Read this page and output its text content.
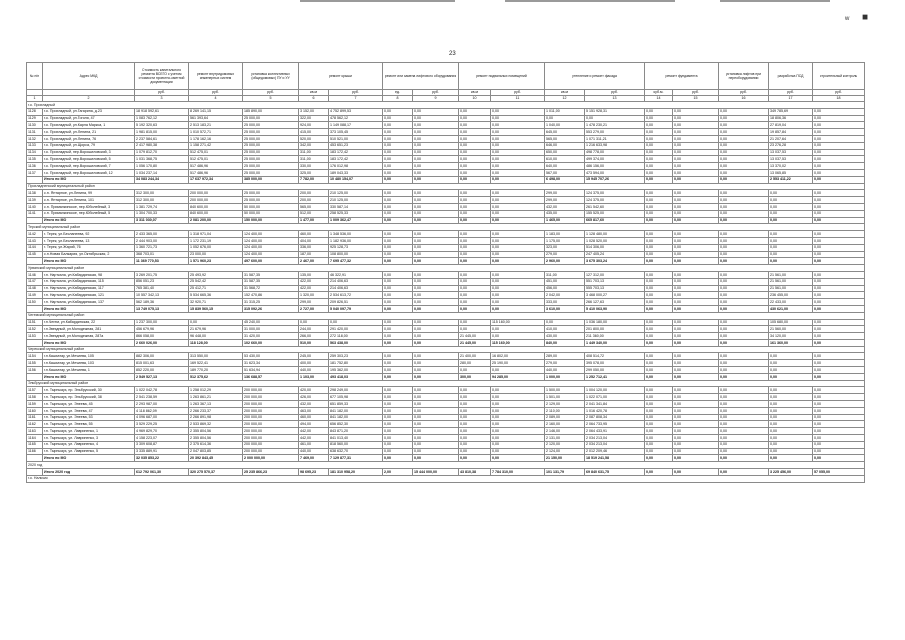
ʷ ■
23
№ п/п	Адрес МКД	Стоимость капитального ремонта ВСЕГО с учетом стоимости проектно-сметной документации	ремонт внутридомовых инженерных систем	установка коллективных (общедомовых) ПУ и УУ	ремонт крыши		ремонт или замена лифтового оборудования		ремонт подвальных помещений		утепление и ремонт фасада		ремонт фундамента		установка лифтов при переоборудовании	разработка ПСД	строительный контроль
		руб.	руб.	руб.	кв.м	руб.	ед.	руб.	кв.м	руб.	кв.м	руб.	куб.м.	руб.	руб.	руб.	руб.
1	2	3	4	5	6	7	8	9	10	11	12	13	14	15	16	17	18
г.о. Прохладный																	
1128	г.о. Прохладный, ул.Гагарина, д.23	18 918 592,61	8 269 141,15	185 890,00	3 152,00	4 752 899,53	0,00	0,00	0,00	0,00	1 011,00	5 151 928,31	0,00	0,00	0,00	349 785,69	0,00
1129	г.о. Прохладный, ул.Гоголя, 47	1 083 762,12	561 393,64	25 000,00	322,00	478 562,12	0,00	0,00	0,00	0,00	0,00	0,00	0,00	0,00	0,00	18 806,36	0,00
1130	г.о. Прохладный, ул.Карла Маркса, 1	5 192 320,63	2 513 183,21	25 000,00	924,00	1 149 088,17	0,00	0,00	0,00	0,00	1 040,00	1 478 230,21	0,00	0,00	0,00	27 819,04	0,00
1131	г.о. Прохладный, ул.Ленина, 21	1 981 815,00	1 010 572,71	25 000,00	415,00	373 105,45	0,00	0,00	0,00	0,00	645,00	553 279,00	0,00	0,00	0,00	19 857,84	0,00
1132	г.о. Прохладный, ул.Ленина, 76	2 237 584,61	1 178 162,16	25 000,00	520,00	510 521,00	0,00	0,00	0,00	0,00	565,00	1 071 311,21	0,00	0,00	0,00	21 207,64	0,00
1133	г.о. Прохладный, ул.Щорса, 79	2 417 980,38	1 158 271,42	25 000,00	342,00	453 651,23	0,00	0,00	0,00	0,00	646,00	1 216 633,98	0,00	0,00	0,00	23 276,28	0,00
1134	г.о. Прохладный, пер.Ворошиловский, 3	1 079 812,70	512 475,01	25 000,00	311,00	183 172,42	0,00	0,00	0,00	0,00	650,00	498 778,00	0,00	0,00	0,00	13 037,53	0,00
1135	г.о. Прохладный, пер.Ворошиловский, 5	1 031 368,75	512 475,01	25 000,00	311,00	183 172,42	0,00	0,00	0,00	0,00	610,00	499 374,00	0,00	0,00	0,00	13 037,53	0,00
1136	г.о. Прохладный, пер.Ворошиловский, 7	1 056 170,80	517 486,96	25 000,00	330,00	176 012,98	0,00	0,00	0,00	0,00	640,00	486 156,00	0,00	0,00	0,00	13 370,02	0,00
1137	г.о. Прохладный, пер.Ворошиловский, 12	1 034 237,14	517 486,96	25 000,00	325,00	189 043,33	0,00	0,00	0,00	0,00	567,00	473 594,00	0,00	0,00	0,00	13 065,85	0,00
	Итого по МО	34 083 244,34	17 637 972,34	385 000,00	7 782,00	10 480 154,07	0,00	0,00	0,00	0,00	6 498,00	15 945 707,26	0,00	0,00	0,00	2 553 411,22	0,00
Прохладненский муниципальный район																	
1138	с.п. Янтарное, ул.Ленина, 99	312 300,00	200 000,00	25 000,00	200,00	210 125,00	0,00	0,00	0,00	0,00	299,00	124 375,00	0,00	0,00	0,00	0,00	0,00
1139	с.п. Янтарное, ул.Ленина, 101	312 300,00	200 000,00	25 000,00	200,00	210 125,00	0,00	0,00	0,00	0,00	299,00	124 375,00	0,00	0,00	0,00	0,00	0,00
1140	с.п. Прималкинское, пер.Юбилейный, 3	1 381 729,74	840 600,00	50 000,00	565,00	330 587,14	0,00	0,00	0,00	0,00	432,00	261 542,60	0,00	0,00	0,00	0,00	0,00
1141	с.п. Прималкинское, пер.Юбилейный, 5	1 304 700,33	840 600,00	50 000,00	512,00	258 525,33	0,00	0,00	0,00	0,00	435,00	155 525,00	0,00	0,00	0,00	0,00	0,00
	Итого по МО	3 311 030,07	2 081 200,00	150 000,00	1 477,00	1 009 362,47	0,00	0,00	0,00	0,00	1 465,00	665 817,60	0,00	0,00	0,00	0,00	0,00
Терский муниципальный район																	
1142	г. Терек, ул.Бесланеева, 92	2 433 365,00	1 318 971,04	124 400,00	460,00	1 348 536,00	0,00	0,00	0,00	0,00	1 183,00	1 128 480,00	0,00	0,00	0,00	0,00	0,00
1143	г. Терек, ул.Бесланеева, 13	2 444 903,00	1 172 231,19	124 400,00	404,00	1 182 936,00	0,00	0,00	0,00	0,00	1 175,00	1 028 520,00	0,00	0,00	0,00	0,00	0,00
1144	г. Терек, ул.Жарий, 76	1 360 721,73	1 052 676,00	124 400,00	336,00	925 128,73	0,00	0,00	0,00	0,00	323,00	514 306,00	0,00	0,00	0,00	0,00	0,00
1145	с.п.Новая Балкария, ул.Октябрьская, 2	368 703,01	23 000,00	124 400,00	187,00	108 800,00	0,00	0,00	0,00	0,00	279,00	247 405,24	0,00	0,00	0,00	0,00	0,00
	Итого по МО	11 369 770,53	1 571 960,23	497 600,00	2 467,00	7 695 477,32	0,00	0,00	0,00	0,00	2 960,00	3 675 303,24	0,00	0,00	0,00	0,00	0,00
Урванский муниципальный район																	
1146	г.п. Нарткала, ул.Кабардинская, 98	3 269 201,75	25 493,92	31 587,35	135,00	46 322,91	0,00	0,00	0,00	0,00	311,00	127 312,00	0,00	0,00	0,00	21 561,00	0,00
1147	г.п. Нарткала, ул.Кабардинская, 115	856 051,23	25 542,42	31 587,35	422,00	214 406,63	0,00	0,00	0,00	0,00	451,00	551 703,13	0,00	0,00	0,00	21 561,00	0,00
1148	г.п. Нарткала, ул.Кабардинская, 117	765 381,40	25 412,71	31 568,72	422,00	214 406,63	0,00	0,00	0,00	0,00	456,00	555 703,13	0,00	0,00	0,00	21 561,00	0,00
1149	г.п. Нарткала, ул.Кабардинская, 121	10 557 342,13	5 534 665,36	152 470,86	1 320,00	2 534 613,72	0,00	0,00	0,00	0,00	2 042,00	3 468 000,27	0,00	0,00	0,00	236 455,00	0,00
1150	г.п. Нарткала, ул.Кабардинская, 137	562 189,36	32 920,71	31 315,25	299,00	209 826,51	0,00	0,00	0,00	0,00	333,00	266 127,63	0,00	0,00	0,00	22 433,00	0,00
	Итого по МО	13 749 075,13	15 839 560,15	315 092,26	2 727,00	5 040 097,79	0,00	0,00	0,00	0,00	3 610,00	5 410 063,90	0,00	0,00	0,00	430 621,00	0,00
Чегемский муниципальный район																	
1151	г.п.Чегем, ул.Кабардинская, 22	1 237 300,00	0,00	45 240,00	0,00	0,00	0,00	0,00	0,00	115 160,00	0,00	1 036 180,00	0,00	0,00	0,00	105 680,00	0,00
1152	г.п.Звездный, ул.Молодежная, 281	456 679,96	21 679,96	31 000,00	244,00	291 420,00	0,00	0,00	0,00	0,00	410,00	201 800,00	0,00	0,00	0,00	21 560,00	0,00
1153	г.п.Звездный, ул.Молодежная, 287а	866 058,00	96 448,00	31 420,00	266,00	272 118,00	0,00	0,00	21 445,00	0,00	430,00	211 360,00	0,00	0,00	0,00	34 120,00	0,00
	Итого по МО	2 660 026,00	118 128,00	102 660,00	510,00	563 438,00	0,00	0,00	21 445,00	115 160,00	840,00	1 449 340,00	0,00	0,00	0,00	161 360,00	0,00
Черекский муниципальный район																	
1154	г.п.Кашхатау, ул.Мечиева, 105	882 306,00	313 550,00	53 430,00	245,00	259 303,23	0,00	0,00	21 400,00	16 802,00	289,00	408 514,72	0,00	0,00	0,00	0,00	0,00
1155	г.п.Кашхатау, ул.Мечиева, 103	815 001,63	169 522,41	31 623,34	400,00	181 752,80	0,00	0,00	280,00	25 190,00	279,00	395 078,00	0,00	0,00	0,00	0,00	0,00
1156	г.п.Кашхатау, ул.Мечиева, 1	852 220,00	189 770,20	51 634,94	440,00	195 362,00	0,00	0,00	0,00	0,00	440,00	299 050,00	0,00	0,00	0,00	0,00	0,00
	Итого по МО	2 549 527,13	512 375,62	136 688,57	1 103,00	493 418,03	0,00	0,00	300,00	94 285,00	1 000,00	1 252 712,41	0,00	0,00	0,00	0,00	0,00
Эльбрусский муниципальный район																	
1157	г.п. Тырныауз, пр. Эльбрусский, 30	1 022 042,78	1 258 012,29	200 000,00	420,00	298 249,00	0,00	0,00	0,00	0,00	1 500,00	1 004 120,00	0,00	0,00	0,00	0,00	0,00
1158	г.п. Тырныауз, пр. Эльбрусский, 38	2 541 238,59	1 263 861,21	200 000,00	426,00	677 105,98	0,00	0,00	0,00	0,00	1 501,00	1 022 071,00	0,00	0,00	0,00	0,00	0,00
1159	г.п. Тырныауз, ул. Энеева, 45	2 293 987,00	1 263 367,13	200 000,00	432,00	651 859,33	0,00	0,00	0,00	0,00	2 129,00	2 041 341,84	0,00	0,00	0,00	0,00	0,00
1160	г.п. Тырныауз, ул. Энеева, 47	4 118 862,09	2 266 233,37	200 000,00	463,00	841 182,00	0,00	0,00	0,00	0,00	2 110,00	1 016 420,78	0,00	0,00	0,00	0,00	0,00
1161	г.п. Тырныауз, ул. Энеева, 53	4 096 687,00	2 266 891,98	200 000,00	460,00	841 182,00	0,00	0,00	0,00	0,00	2 089,00	2 087 808,34	0,00	0,00	0,00	0,00	0,00
1162	г.п. Тырныауз, ул. Энеева, 55	3 529 229,25	2 533 869,32	200 000,00	494,00	656 852,30	0,00	0,00	0,00	0,00	2 160,00	2 064 733,95	0,00	0,00	0,00	0,00	0,00
1163	г.п. Тырныауз, ул. Лавриненко, 1	4 969 829,70	2 355 804,56	200 000,00	442,00	843 871,20	0,00	0,00	0,00	0,00	2 146,00	2 064 433,91	0,00	0,00	0,00	0,00	0,00
1164	г.п. Тырныауз, ул. Лавриненко, 3	4 158 223,07	2 355 804,56	200 000,00	442,00	841 013,40	0,00	0,00	0,00	0,00	2 131,00	2 034 213,04	0,00	0,00	0,00	0,00	0,00
1165	г.п. Тырныауз, ул. Лавриненко, 4	3 309 608,87	2 375 614,36	200 000,00	461,00	818 560,00	0,00	0,00	0,00	0,00	2 120,00	2 034 213,04	0,00	0,00	0,00	0,00	0,00
1166	г.п. Тырныауз, ул. Лавриненко, 5	3 335 889,91	2 047 803,85	200 000,00	440,00	638 632,70	0,00	0,00	0,00	0,00	2 124,00	2 012 209,46	0,00	0,00	0,00	0,00	0,00
	Итого по МО	32 035 853,22	20 392 843,45	2 000 000,00	7 469,00	7 129 877,31	0,00	0,00	0,00	0,00	21 150,00	18 519 241,58	0,00	0,00	0,00	0,00	0,00
2020 год																	
	Итого 2020 год	612 792 061,30	320 275 570,37	25 235 866,23	98 695,23	181 310 958,20	2,00	15 444 000,00	43 810,38	7 784 310,00	101 131,79	69 840 631,75	0,00	0,00	0,00	3 225 456,00	57 055,00
г.о. Нальчик																	
